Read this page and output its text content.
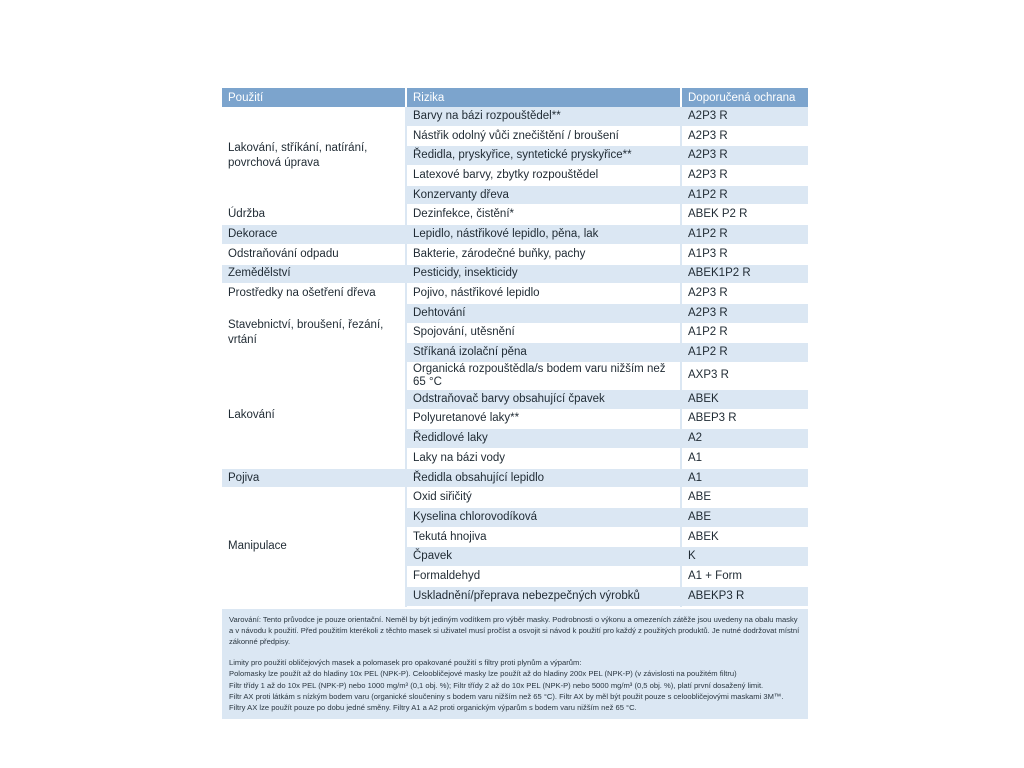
Použití	Rizika	Doporučená ochrana
Lakování, stříkání, natírání, povrchová úprava	Barvy na bázi rozpouštědel**	A2P3 R
	Nástřik odolný vůči znečištění / broušení	A2P3 R
	Ředidla, pryskyřice, syntetické pryskyřice**	A2P3 R
	Latexové barvy, zbytky rozpouštědel	A2P3 R
	Konzervanty dřeva	A1P2 R
Údržba	Dezinfekce, čistění*	ABEK P2 R
Dekorace	Lepidlo, nástřikové lepidlo, pěna, lak	A1P2 R
Odstraňování odpadu	Bakterie, zárodečné buňky, pachy	A1P3 R
Zemědělství	Pesticidy, insekticidy	ABEK1P2 R
Prostředky na ošetření dřeva	Pojivo, nástřikové lepidlo	A2P3 R
Stavebnictví, broušení, řezání, vrtání	Dehtování	A2P3 R
	Spojování, utěsnění	A1P2 R
	Stříkaná izolační pěna	A1P2 R
Lakování	Organická rozpouštědla/s bodem varu nižším než 65 °C	AXP3 R
	Odstraňovač barvy obsahující čpavek	ABEK
	Polyuretanové laky**	ABEP3 R
	Ředidlové laky	A2
	Laky na bázi vody	A1
Pojiva	Ředidla obsahující lepidlo	A1
Manipulace	Oxid siřičitý	ABE
	Kyselina chlorovodíková	ABE
	Tekutá hnojiva	ABEK
	Čpavek	K
	Formaldehyd	A1 + Form
	Uskladnění/přeprava nebezpečných výrobků	ABEKP3 R

Varování: Tento průvodce je pouze orientační. Neměl by být jediným vodítkem pro výběr masky. Podrobnosti o výkonu a omezeních zátěže jsou uvedeny na obalu masky a v návodu k použití. Před použitím kterékoli z těchto masek si uživatel musí pročíst a osvojit si návod k použití pro každý z použitých produktů. Je nutné dodržovat místní zákonné předpisy.

Limity pro použití obličejových masek a polomasek pro opakované použití s filtry proti plynům a výparům:

Polomasky lze použít až do hladiny 10x PEL (NPK-P). Celoobličejové masky lze použít až do hladiny 200x PEL (NPK-P) (v závislosti na použitém filtru)

Filtr třídy 1 až do 10x PEL (NPK-P) nebo 1000 mg/m³ (0,1 obj. %); Filtr třídy 2 až do 10x PEL (NPK-P) nebo 5000 mg/m³ (0,5 obj. %), platí první dosažený limit.

Filtr AX proti látkám s nízkým bodem varu (organické sloučeniny s bodem varu nižším než 65 °C). Filtr AX by měl být použit pouze s celoobličejovými maskami 3M™.

Filtry AX lze použít pouze po dobu jedné směny. Filtry A1 a A2 proti organickým výparům s bodem varu nižším než 65 °C.
